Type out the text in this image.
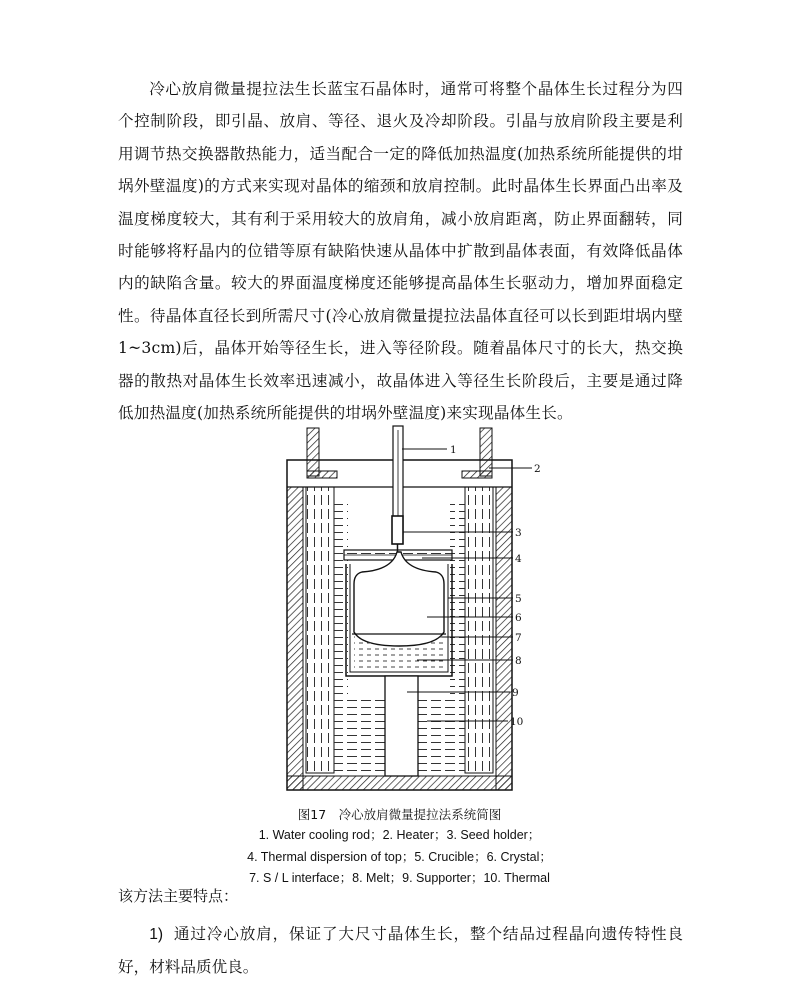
冷心放肩微量提拉法生长蓝宝石晶体时，通常可将整个晶体生长过程分为四个控制阶段，即引晶、放肩、等径、退火及冷却阶段。引晶与放肩阶段主要是利用调节热交换器散热能力，适当配合一定的降低加热温度(加热系统所能提供的坩埚外壁温度)的方式来实现对晶体的缩颈和放肩控制。此时晶体生长界面凸出率及温度梯度较大，其有利于采用较大的放肩角，减小放肩距离，防止界面翻转，同时能够将籽晶内的位错等原有缺陷快速从晶体中扩散到晶体表面，有效降低晶体内的缺陷含量。较大的界面温度梯度还能够提高晶体生长驱动力，增加界面稳定性。待晶体直径长到所需尺寸(冷心放肩微量提拉法晶体直径可以长到距坩埚内壁1~3cm)后，晶体开始等径生长，进入等径阶段。随着晶体尺寸的长大，热交换器的散热对晶体生长效率迅速减小，故晶体进入等径生长阶段后，主要是通过降低加热温度(加热系统所能提供的坩埚外壁温度)来实现晶体生长。

1
2
3
4
5
6
7
8
9
10
图17　冷心放肩微量提拉法系统简图
1. Water cooling rod；2. Heater；3. Seed holder；
4. Thermal dispersion of top；5. Crucible；6. Crystal；
7. S / L interface；8. Melt；9. Supporter；10. Thermal
该方法主要特点：

1) 通过冷心放肩，保证了大尺寸晶体生长，整个结品过程晶向遗传特性良好，材料品质优良。
